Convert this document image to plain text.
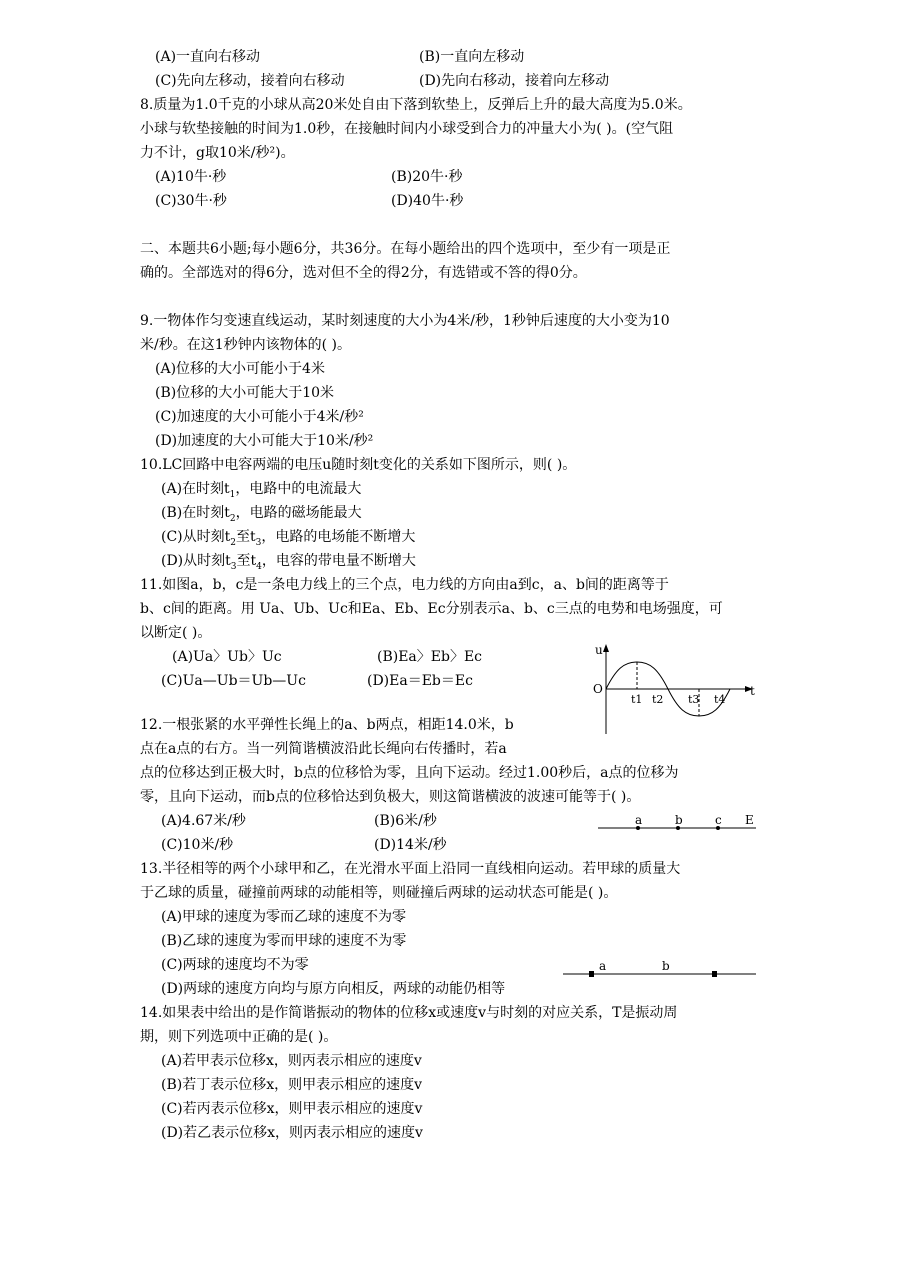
(A)一直向右移动	(B)一直向左移动
(C)先向左移动，接着向右移动	(D)先向右移动，接着向左移动
8.质量为1.0千克的小球从高20米处自由下落到软垫上，反弹后上升的最大高度为5.0米。
小球与软垫接触的时间为1.0秒，在接触时间内小球受到合力的冲量大小为( )。(空气阻
力不计，g取10米/秒²)。
(A)10牛·秒	(B)20牛·秒
(C)30牛·秒	(D)40牛·秒
二、本题共6小题;每小题6分，共36分。在每小题给出的四个选项中，至少有一项是正
确的。全部选对的得6分，选对但不全的得2分，有选错或不答的得0分。
9.一物体作匀变速直线运动，某时刻速度的大小为4米/秒，1秒钟后速度的大小变为10
米/秒。在这1秒钟内该物体的( )。
(A)位移的大小可能小于4米
(B)位移的大小可能大于10米
(C)加速度的大小可能小于4米/秒²
(D)加速度的大小可能大于10米/秒²
10.LC回路中电容两端的电压u随时刻t变化的关系如下图所示，则( )。
(A)在时刻$t_1$，电路中的电流最大
(B)在时刻$t_2$，电路的磁场能最大
(C)从时刻$t_2$至$t_3$，电路的电场能不断增大
(D)从时刻$t_3$至$t_4$，电容的带电量不断增大
11.如图a，b，c是一条电力线上的三个点，电力线的方向由a到c，a、b间的距离等于
b、c间的距离。用 Ua、Ub、Uc和Ea、Eb、Ec分别表示a、b、c三点的电势和电场强度，可
以断定( )。
(A)Ua〉Ub〉Uc	(B)Ea〉Eb〉Ec
(C)Ua—Ub＝Ub—Uc	(D)Ea＝Eb＝Ec
u
O	t
t1 t2 t3 t4
12.一根张紧的水平弹性长绳上的a、b两点，相距14.0米，b
点在a点的右方。当一列简谐横波沿此长绳向右传播时，若a
点的位移达到正极大时，b点的位移恰为零，且向下运动。经过1.00秒后，a点的位移为
零，且向下运动，而b点的位移恰达到负极大，则这简谐横波的波速可能等于( )。
(A)4.67米/秒	(B)6米/秒
(C)10米/秒	(D)14米/秒
a	b	c E
13.半径相等的两个小球甲和乙，在光滑水平面上沿同一直线相向运动。若甲球的质量大
于乙球的质量，碰撞前两球的动能相等，则碰撞后两球的运动状态可能是( )。
(A)甲球的速度为零而乙球的速度不为零
(B)乙球的速度为零而甲球的速度不为零
(C)两球的速度均不为零
(D)两球的速度方向均与原方向相反，两球的动能仍相等
a	b
14.如果表中给出的是作简谐振动的物体的位移x或速度v与时刻的对应关系，T是振动周
期，则下列选项中正确的是( )。
(A)若甲表示位移x，则丙表示相应的速度v
(B)若丁表示位移x，则甲表示相应的速度v
(C)若丙表示位移x，则甲表示相应的速度v
(D)若乙表示位移x，则丙表示相应的速度v
